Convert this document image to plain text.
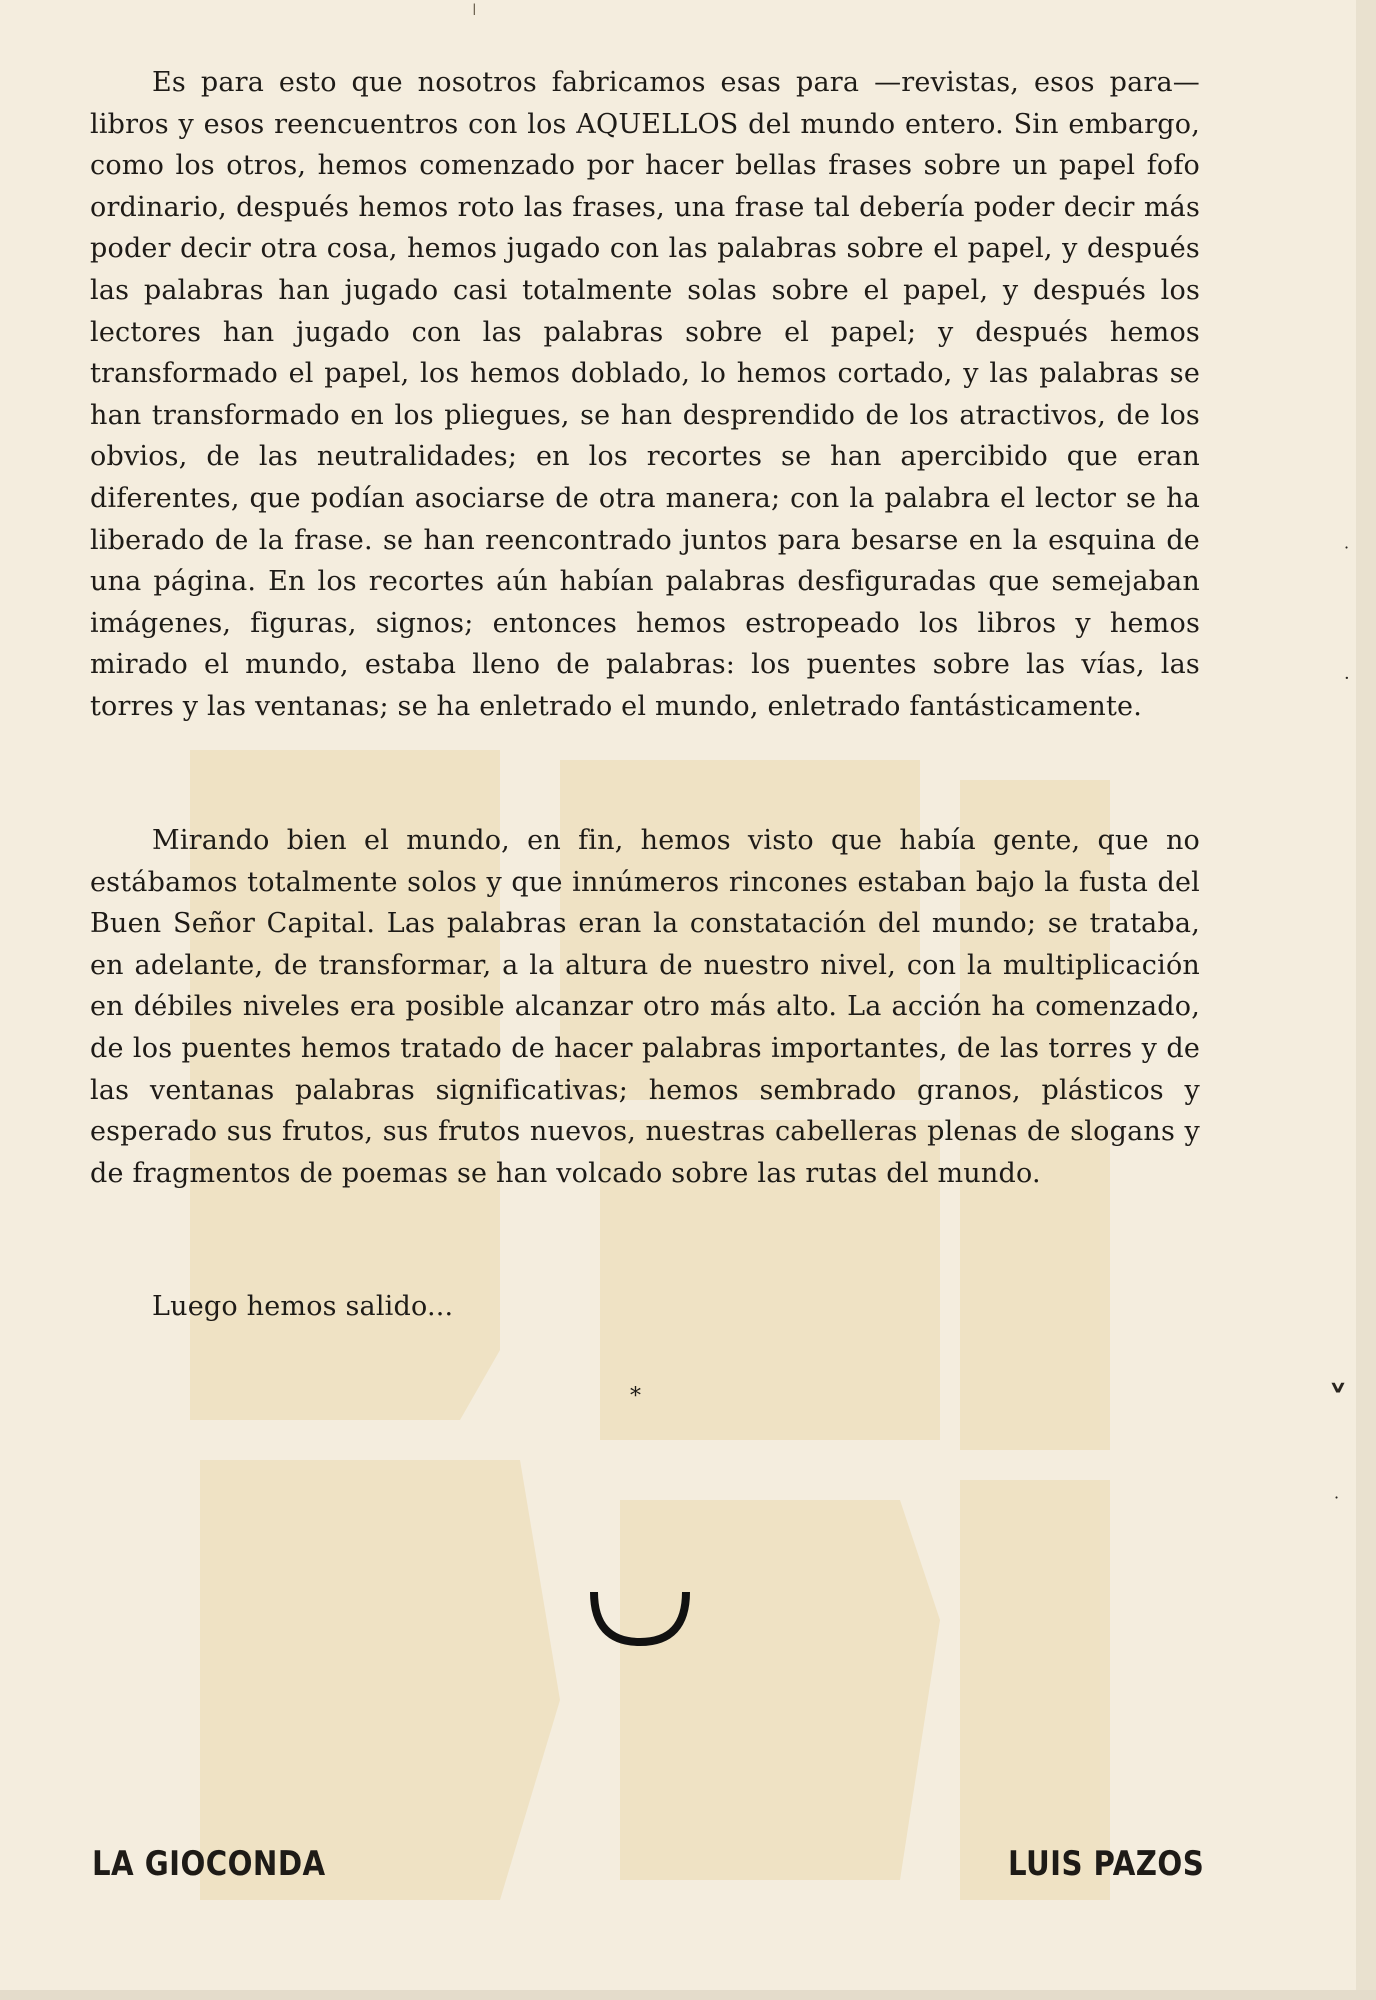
Es para esto que nosotros fabricamos esas para —revistas, esos para— libros y esos reencuentros con los AQUELLOS del mundo entero. Sin embargo, como los otros, hemos comenzado por hacer bellas frases sobre un papel fofo ordinario, después hemos roto las frases, una frase tal debería poder decir más poder decir otra cosa, hemos jugado con las palabras sobre el papel, y después las palabras han jugado casi totalmente solas sobre el papel, y después los lectores han jugado con las palabras sobre el papel; y después hemos transformado el papel, los hemos doblado, lo hemos cortado, y las palabras se han transformado en los pliegues, se han desprendido de los atractivos, de los obvios, de las neutralidades; en los recortes se han apercibido que eran diferentes, que podían asociarse de otra manera; con la palabra el lector se ha liberado de la frase. se han reencontrado juntos para besarse en la esquina de una página. En los recortes aún habían palabras desfiguradas que semejaban imágenes, figuras, signos; entonces hemos estropeado los libros y hemos mirado el mundo, estaba lleno de palabras: los puentes sobre las vías, las torres y las ventanas; se ha enletrado el mundo, enletrado fantásticamente.

Mirando bien el mundo, en fin, hemos visto que había gente, que no estábamos totalmente solos y que innúmeros rincones estaban bajo la fusta del Buen Señor Capital. Las palabras eran la constatación del mundo; se trataba, en adelante, de transformar, a la altura de nuestro nivel, con la multiplicación en débiles niveles era posible alcanzar otro más alto. La acción ha comenzado, de los puentes hemos tratado de hacer palabras importantes, de las torres y de las ventanas palabras significativas; hemos sembrado granos, plásticos y esperado sus frutos, sus frutos nuevos, nuestras cabelleras plenas de slogans y de fragmentos de poemas se han volcado sobre las rutas del mundo.

Luego hemos salido...

*
LA GIOCONDA	LUIS PAZOS
·
·
˅
·
ǀ
